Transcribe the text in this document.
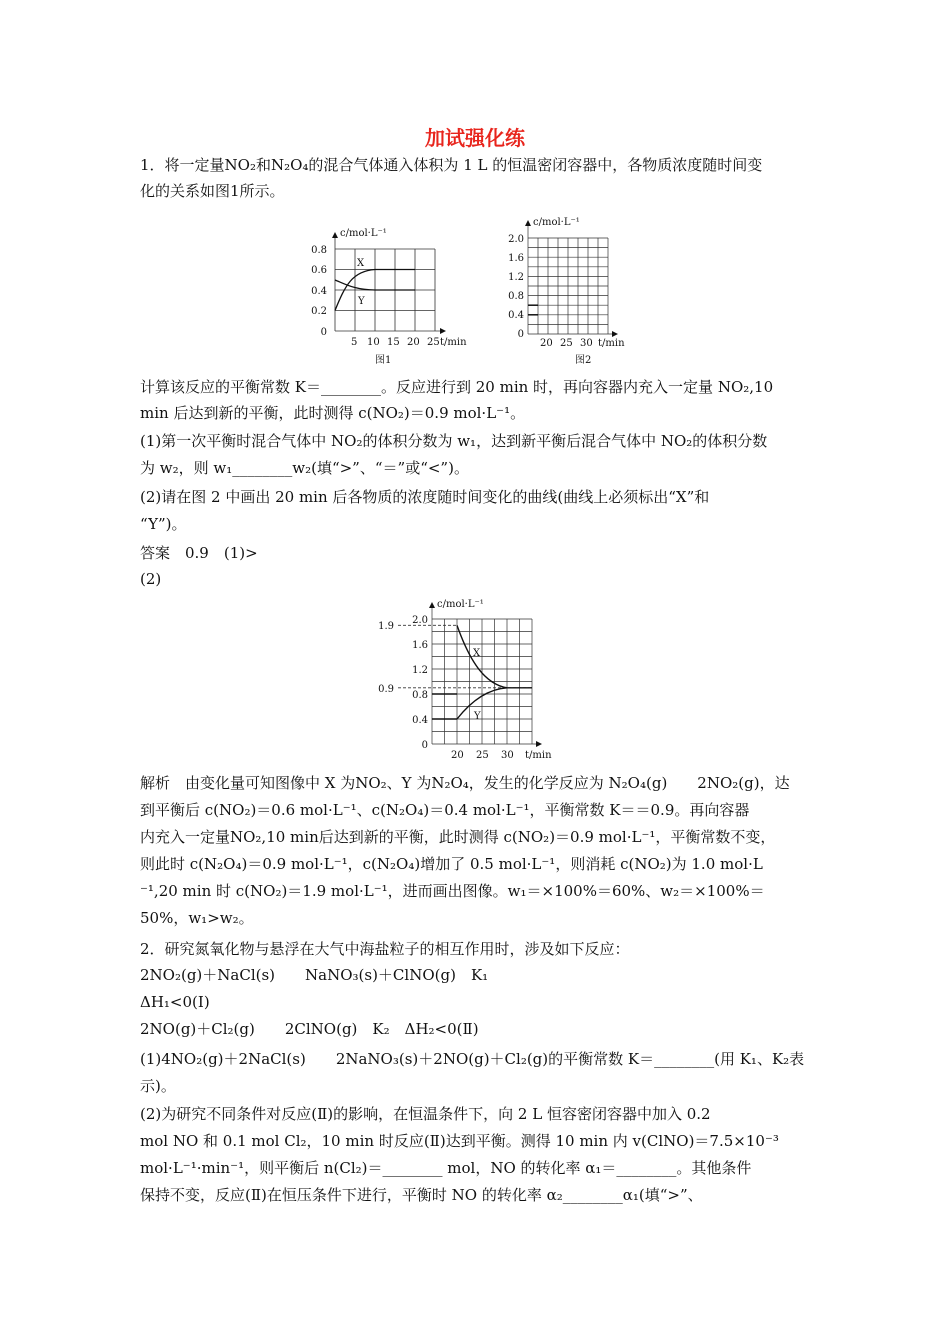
加试强化练
1．将一定量NO₂和N₂O₄的混合气体通入体积为 1 L 的恒温密闭容器中，各物质浓度随时间变
化的关系如图1所示。
c/mol·L⁻¹
0.8
0.6
0.4
0.2
0
5 10 15 20 25 t/min
X
Y
图1
c/mol·L⁻¹
2.0
1.6
1.2
0.8
0.4
0
20 25 30 t/min
图2
计算该反应的平衡常数 K＝________。反应进行到 20 min 时，再向容器内充入一定量 NO₂,10
min 后达到新的平衡，此时测得 c(NO₂)＝0.9 mol·L⁻¹。
(1)第一次平衡时混合气体中 NO₂的体积分数为 w₁，达到新平衡后混合气体中 NO₂的体积分数
为 w₂，则 w₁________w₂(填“>”、“＝”或“<”)。
(2)请在图 2 中画出 20 min 后各物质的浓度随时间变化的曲线(曲线上必须标出“X”和
“Y”)。
答案　0.9　(1)>
(2)
c/mol·L⁻¹
1.9
0.9
2.0
1.6
1.2
0.8
0.4
0
20 25 30 t/min
X
Y
解析　由变化量可知图像中 X 为NO₂、Y 为N₂O₄，发生的化学反应为 N₂O₄(g)　　2NO₂(g)，达
到平衡后 c(NO₂)＝0.6 mol·L⁻¹、c(N₂O₄)＝0.4 mol·L⁻¹，平衡常数 K＝＝0.9。再向容器
内充入一定量NO₂,10 min后达到新的平衡，此时测得 c(NO₂)＝0.9 mol·L⁻¹，平衡常数不变，
则此时 c(N₂O₄)＝0.9 mol·L⁻¹，c(N₂O₄)增加了 0.5 mol·L⁻¹，则消耗 c(NO₂)为 1.0 mol·L
⁻¹,20 min 时 c(NO₂)＝1.9 mol·L⁻¹，进而画出图像。w₁＝×100%＝60%、w₂＝×100%＝
50%，w₁>w₂。
2．研究氮氧化物与悬浮在大气中海盐粒子的相互作用时，涉及如下反应：
2NO₂(g)＋NaCl(s)　　NaNO₃(s)＋ClNO(g)　K₁
ΔH₁<0(Ⅰ)
2NO(g)＋Cl₂(g)　　2ClNO(g)　K₂　ΔH₂<0(Ⅱ)
(1)4NO₂(g)＋2NaCl(s)　　2NaNO₃(s)＋2NO(g)＋Cl₂(g)的平衡常数 K＝________(用 K₁、K₂表
示)。
(2)为研究不同条件对反应(Ⅱ)的影响，在恒温条件下，向 2 L 恒容密闭容器中加入 0.2
mol NO 和 0.1 mol Cl₂，10 min 时反应(Ⅱ)达到平衡。测得 10 min 内 v(ClNO)＝7.5×10⁻³
mol·L⁻¹·min⁻¹，则平衡后 n(Cl₂)＝________ mol，NO 的转化率 α₁＝________。其他条件
保持不变，反应(Ⅱ)在恒压条件下进行，平衡时 NO 的转化率 α₂________α₁(填“>”、
